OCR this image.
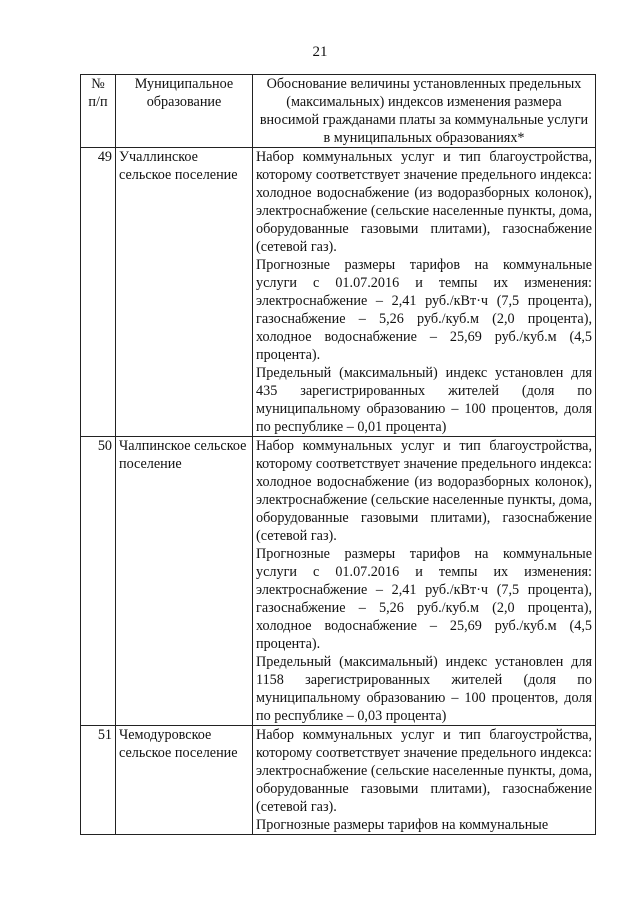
21
№ п/п	Муниципальное образование	Обоснование величины установленных предельных (максимальных) индексов изменения размера вносимой гражданами платы за коммунальные услуги в муниципальных образованиях*
49	Учаллинское сельское поселение	Набор коммунальных услуг и тип благоустройства, которому соответствует значение предельного индекса: холодное водоснабжение (из водоразборных колонок), электроснабжение (сельские населенные пункты, дома, оборудованные газовыми плитами), газоснабжение (сетевой газ).

Прогнозные размеры тарифов на коммунальные услуги с 01.07.2016 и темпы их изменения: электроснабжение – 2,41 руб./кВт·ч (7,5 процента), газоснабжение – 5,26 руб./куб.м (2,0 процента), холодное водоснабжение – 25,69 руб./куб.м (4,5 процента).

Предельный (максимальный) индекс установлен для 435 зарегистрированных жителей (доля по муниципальному образованию – 100 процентов, доля по республике – 0,01 процента)

50	Чалпинское сельское поселение	Набор коммунальных услуг и тип благоустройства, которому соответствует значение предельного индекса: холодное водоснабжение (из водоразборных колонок), электроснабжение (сельские населенные пункты, дома, оборудованные газовыми плитами), газоснабжение (сетевой газ).

Прогнозные размеры тарифов на коммунальные услуги с 01.07.2016 и темпы их изменения: электроснабжение – 2,41 руб./кВт·ч (7,5 процента), газоснабжение – 5,26 руб./куб.м (2,0 процента), холодное водоснабжение – 25,69 руб./куб.м (4,5 процента).

Предельный (максимальный) индекс установлен для 1158 зарегистрированных жителей (доля по муниципальному образованию – 100 процентов, доля по республике – 0,03 процента)

51	Чемодуровское сельское поселение	Набор коммунальных услуг и тип благоустройства, которому соответствует значение предельного индекса: электроснабжение (сельские населенные пункты, дома, оборудованные газовыми плитами), газоснабжение (сетевой газ).

Прогнозные размеры тарифов на коммунальные
